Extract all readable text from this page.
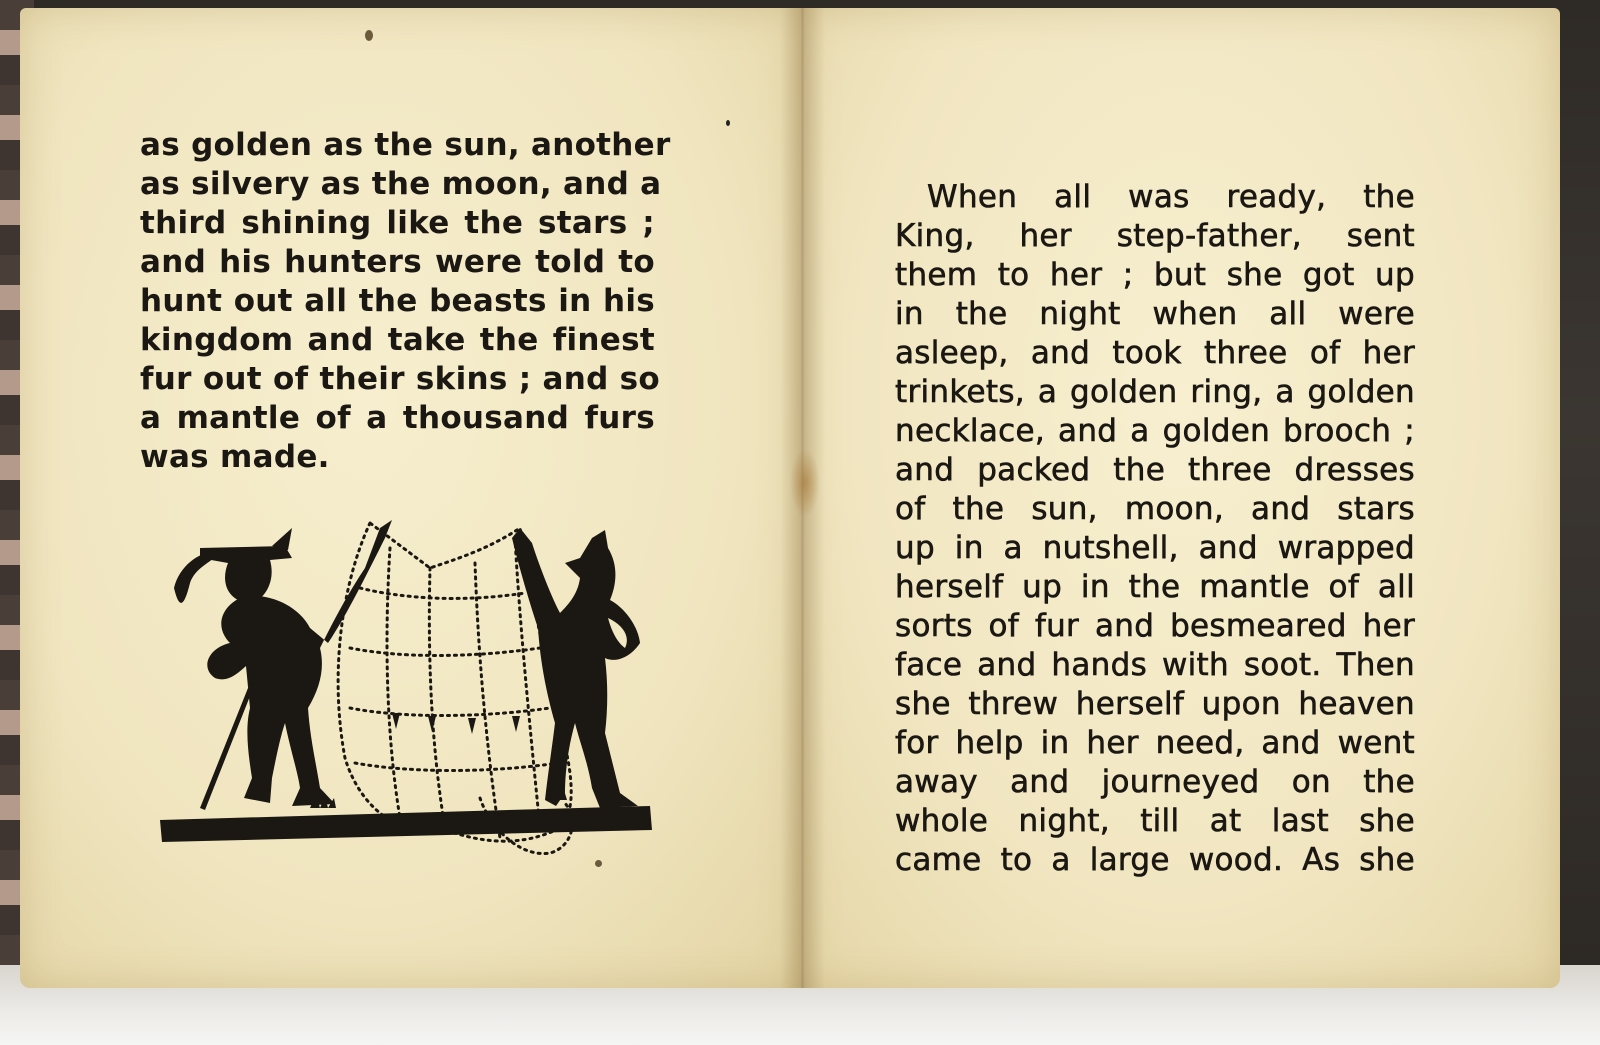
as golden as the sun, another
as silvery as the moon, and a
third shining like the stars ;
and his hunters were told to
hunt out all the beasts in his
kingdom and take the finest
fur out of their skins ; and so
a mantle of a thousand furs
was made.
When all was ready, the
King, her step-father, sent
them to her ; but she got up
in the night when all were
asleep, and took three of her
trinkets, a golden ring, a golden
necklace, and a golden brooch ;
and packed the three dresses
of the sun, moon, and stars
up in a nutshell, and wrapped
herself up in the mantle of all
sorts of fur and besmeared her
face and hands with soot. Then
she threw herself upon heaven
for help in her need, and went
away and journeyed on the
whole night, till at last she
came to a large wood. As she
